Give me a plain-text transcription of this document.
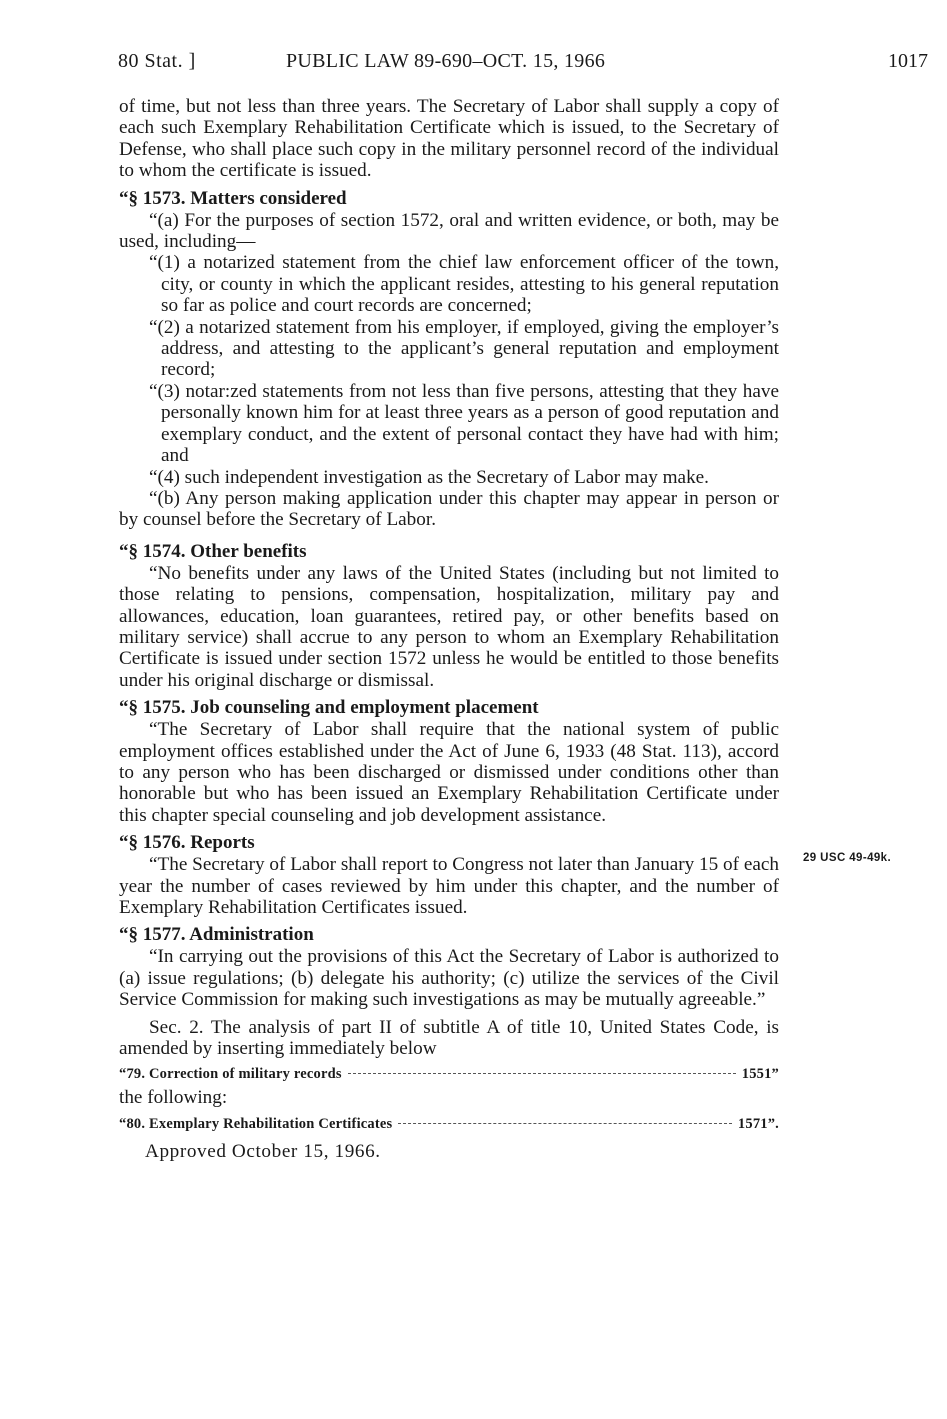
80 Stat. ]	PUBLIC LAW 89-690–OCT. 15, 1966	1017

of time, but not less than three years. The Secretary of Labor shall supply a copy of each such Exemplary Rehabilitation Certificate which is issued, to the Secretary of Defense, who shall place such copy in the military personnel record of the individual to whom the certificate is issued.

“§ 1573. Matters considered

“(a) For the purposes of section 1572, oral and written evidence, or both, may be used, including—

“(1) a notarized statement from the chief law enforcement officer of the town, city, or county in which the applicant resides, attesting to his general reputation so far as police and court records are concerned;

“(2) a notarized statement from his employer, if employed, giving the employer’s address, and attesting to the applicant’s general reputation and employment record;

“(3) notar:zed statements from not less than five persons, attesting that they have personally known him for at least three years as a person of good reputation and exemplary conduct, and the extent of personal contact they have had with him; and

“(4) such independent investigation as the Secretary of Labor may make.

“(b) Any person making application under this chapter may appear in person or by counsel before the Secretary of Labor.

“§ 1574. Other benefits

“No benefits under any laws of the United States (including but not limited to those relating to pensions, compensation, hospitalization, military pay and allowances, education, loan guarantees, retired pay, or other benefits based on military service) shall accrue to any person to whom an Exemplary Rehabilitation Certificate is issued under section 1572 unless he would be entitled to those benefits under his original discharge or dismissal.

“§ 1575. Job counseling and employment placement

“The Secretary of Labor shall require that the national system of public employment offices established under the Act of June 6, 1933 (48 Stat. 113), accord to any person who has been discharged or dismissed under conditions other than honorable but who has been issued an Exemplary Rehabilitation Certificate under this chapter special counseling and job development assistance.

“§ 1576. Reports

“The Secretary of Labor shall report to Congress not later than January 15 of each year the number of cases reviewed by him under this chapter, and the number of Exemplary Rehabilitation Certificates issued.

“§ 1577. Administration

“In carrying out the provisions of this Act the Secretary of Labor is authorized to (a) issue regulations; (b) delegate his authority; (c) utilize the services of the Civil Service Commission for making such investigations as may be mutually agreeable.”

Sec. 2. The analysis of part II of subtitle A of title 10, United States Code, is amended by inserting immediately below

“79. Correction of military records	1551”

the following:

“80. Exemplary Rehabilitation Certificates	1571”.

Approved October 15, 1966.

29 USC 49-49k.
